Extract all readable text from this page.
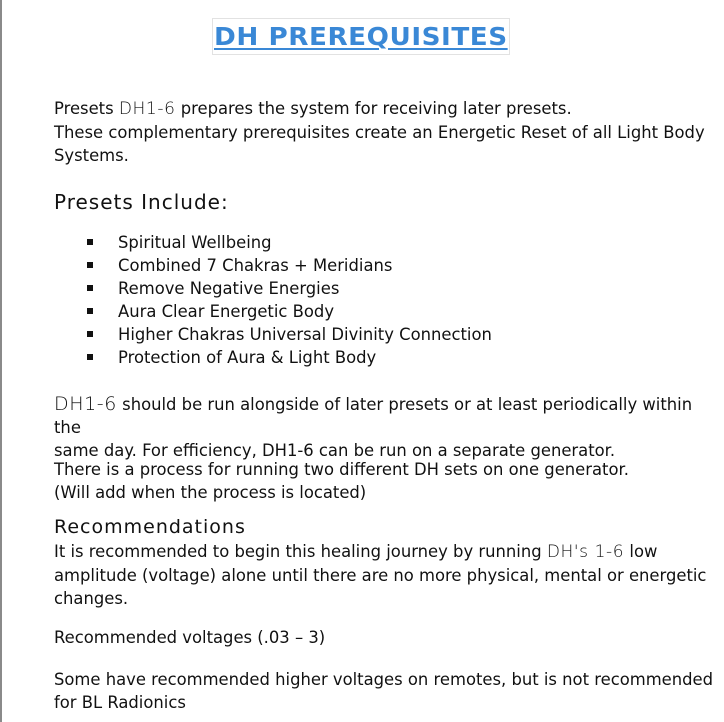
DH PREREQUISITES

Presets DH1-6 prepares the system for receiving later presets.
These complementary prerequisites create an Energetic Reset of all Light Body
Systems.

Presets Include:
Spiritual Wellbeing
Combined 7 Chakras + Meridians
Remove Negative Energies
Aura Clear Energetic Body
Higher Chakras Universal Divinity Connection
Protection of Aura & Light Body

DH1-6 should be run alongside of later presets or at least periodically within the
same day. For efficiency, DH1-6 can be run on a separate generator.

There is a process for running two different DH sets on one generator.
(Will add when the process is located)

Recommendations

It is recommended to begin this healing journey by running DH's 1-6 low
amplitude (voltage) alone until there are no more physical, mental or energetic
changes.

Recommended voltages (.03 – 3)

Some have recommended higher voltages on remotes, but is not recommended
for BL Radionics
